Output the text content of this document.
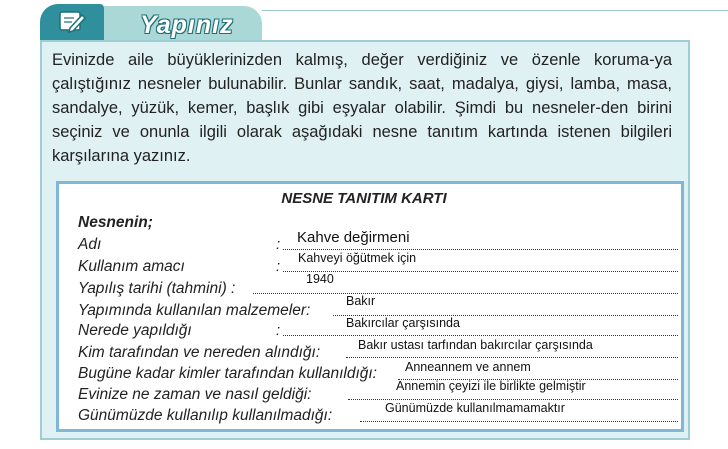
Yapınız
Evinizde aile büyüklerinizden kalmış, değer verdiğiniz ve özenle koruma-ya çalıştığınız nesneler bulunabilir. Bunlar sandık, saat, madalya, giysi, lamba, masa, sandalye, yüzük, kemer, başlık gibi eşyalar olabilir. Şimdi bu nesneler-den birini seçiniz ve onunla ilgili olarak aşağıdaki nesne tanıtım kartında istenen bilgileri karşılarına yazınız.
NESNE TANITIM KARTI
Nesnenin;
Adı	: Kahve değirmeni
Kullanım amacı	: Kahveyi öğütmek için
Yapılış tarihi (tahmini) :
1940
Yapımında kullanılan malzemeler:
Bakır
Nerede yapıldığı	:	Bakırcılar çarşısında
Kim tarafından ve nereden alındığı:	Bakır ustası tarfından bakırcılar çarşısında
Bugüne kadar kimler tarafından kullanıldığı: Anneannem ve annem
Evinize ne zaman ve nasıl geldiği:	Annemin çeyizi ile birlikte gelmiştir
Günümüzde kullanılıp kullanılmadığı:	Günümüzde kullanılmamamaktır
